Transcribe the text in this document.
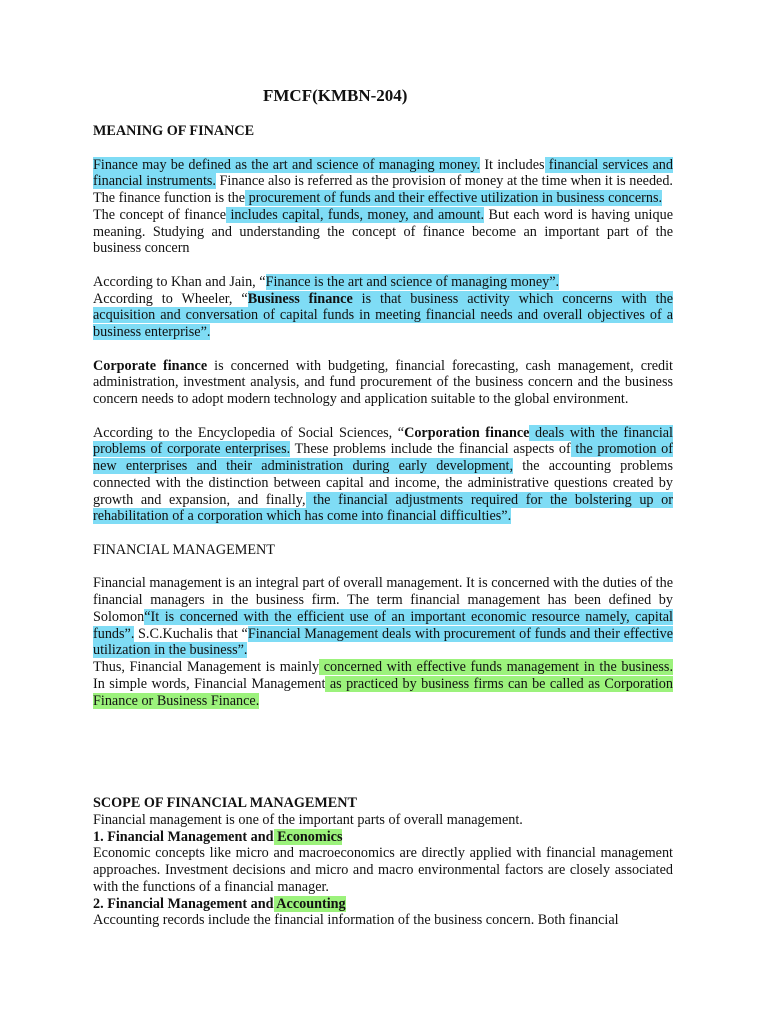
FMCF(KMBN-204)

MEANING OF FINANCE

Finance may be defined as the art and science of managing money. It includes financial services and financial instruments. Finance also is referred as the provision of money at the time when it is needed. The finance function is the procurement of funds and their effective utilization in business concerns.

The concept of finance includes capital, funds, money, and amount. But each word is having unique meaning. Studying and understanding the concept of finance become an important part of the business concern

According to Khan and Jain, “Finance is the art and science of managing money”.

According to Wheeler, “Business finance is that business activity which concerns with the acquisition and conversation of capital funds in meeting financial needs and overall objectives of a business enterprise”.

Corporate finance is concerned with budgeting, financial forecasting, cash management, credit administration, investment analysis, and fund procurement of the business concern and the business concern needs to adopt modern technology and application suitable to the global environment.

According to the Encyclopedia of Social Sciences, “Corporation finance deals with the financial problems of corporate enterprises. These problems include the financial aspects of the promotion of new enterprises and their administration during early development, the accounting problems connected with the distinction between capital and income, the administrative questions created by growth and expansion, and finally, the financial adjustments required for the bolstering up or rehabilitation of a corporation which has come into financial difficulties”.

FINANCIAL MANAGEMENT

Financial management is an integral part of overall management. It is concerned with the duties of the financial managers in the business firm. The term financial management has been defined by Solomon“It is concerned with the efficient use of an important economic resource namely, capital funds”. S.C.Kuchalis that “Financial Management deals with procurement of funds and their effective utilization in the business”.

Thus, Financial Management is mainly concerned with effective funds management in the business. In simple words, Financial Management as practiced by business firms can be called as Corporation Finance or Business Finance.

SCOPE OF FINANCIAL MANAGEMENT

Financial management is one of the important parts of overall management.

1. Financial Management and Economics

Economic concepts like micro and macroeconomics are directly applied with financial management approaches. Investment decisions and micro and macro environmental factors are closely associated with the functions of a financial manager.

2. Financial Management and Accounting

Accounting records include the financial information of the business concern. Both financial
